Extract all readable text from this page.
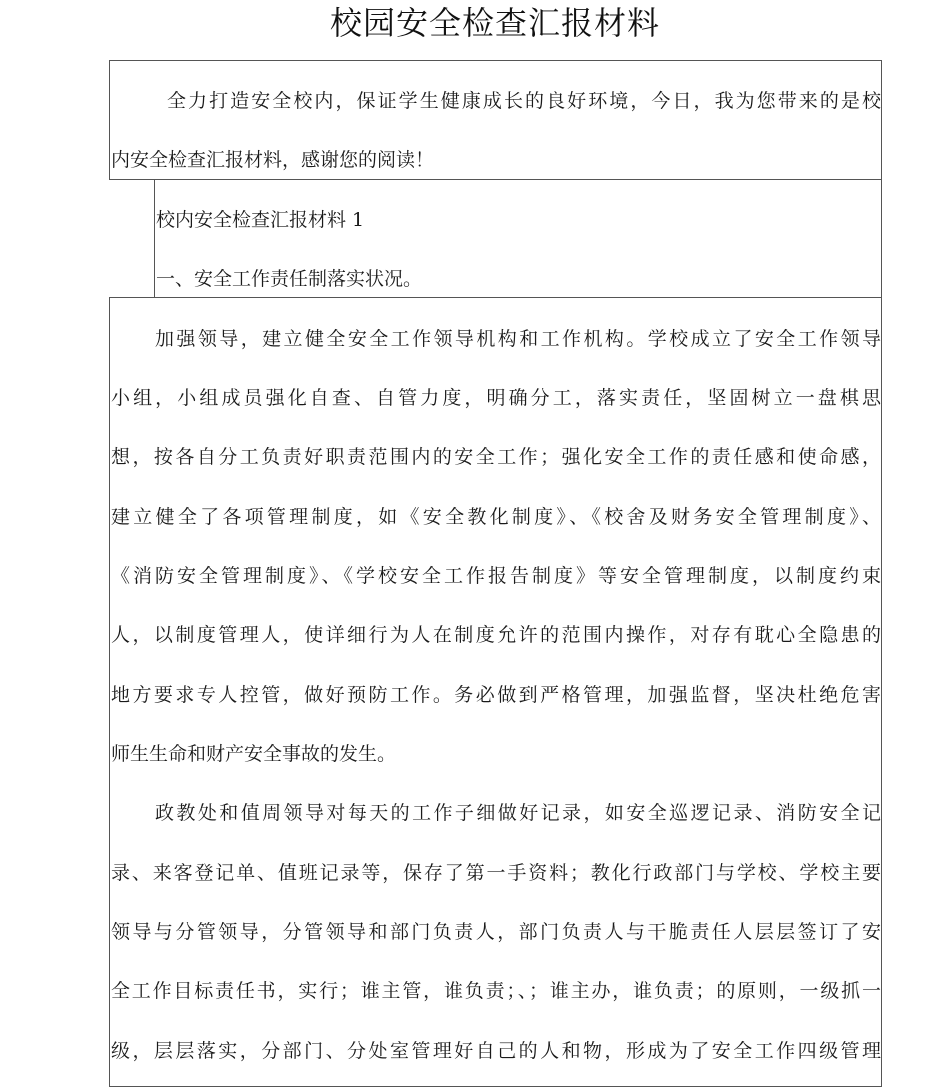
校园安全检查汇报材料
全力打造安全校内，保证学生健康成长的良好环境，今日，我为您带来的是校
内安全检查汇报材料，感谢您的阅读！
校内安全检查汇报材料 1
一、安全工作责任制落实状况。
加强领导，建立健全安全工作领导机构和工作机构。学校成立了安全工作领导
小组，小组成员强化自查、自管力度，明确分工，落实责任，坚固树立一盘棋思
想，按各自分工负责好职责范围内的安全工作；强化安全工作的责任感和使命感，
建立健全了各项管理制度，如《安全教化制度》、《校舍及财务安全管理制度》、
《消防安全管理制度》、《学校安全工作报告制度》等安全管理制度，以制度约束
人，以制度管理人，使详细行为人在制度允许的范围内操作，对存有耽心全隐患的
地方要求专人控管，做好预防工作。务必做到严格管理，加强监督，坚决杜绝危害
师生生命和财产安全事故的发生。
政教处和值周领导对每天的工作子细做好记录，如安全巡逻记录、消防安全记
录、来客登记单、值班记录等，保存了第一手资料；教化行政部门与学校、学校主要
领导与分管领导，分管领导和部门负责人，部门负责人与干脆责任人层层签订了安
全工作目标责任书，实行；谁主管，谁负责；、；谁主办，谁负责；的原则，一级抓一
级，层层落实，分部门、分处室管理好自己的人和物，形成为了安全工作四级管理
